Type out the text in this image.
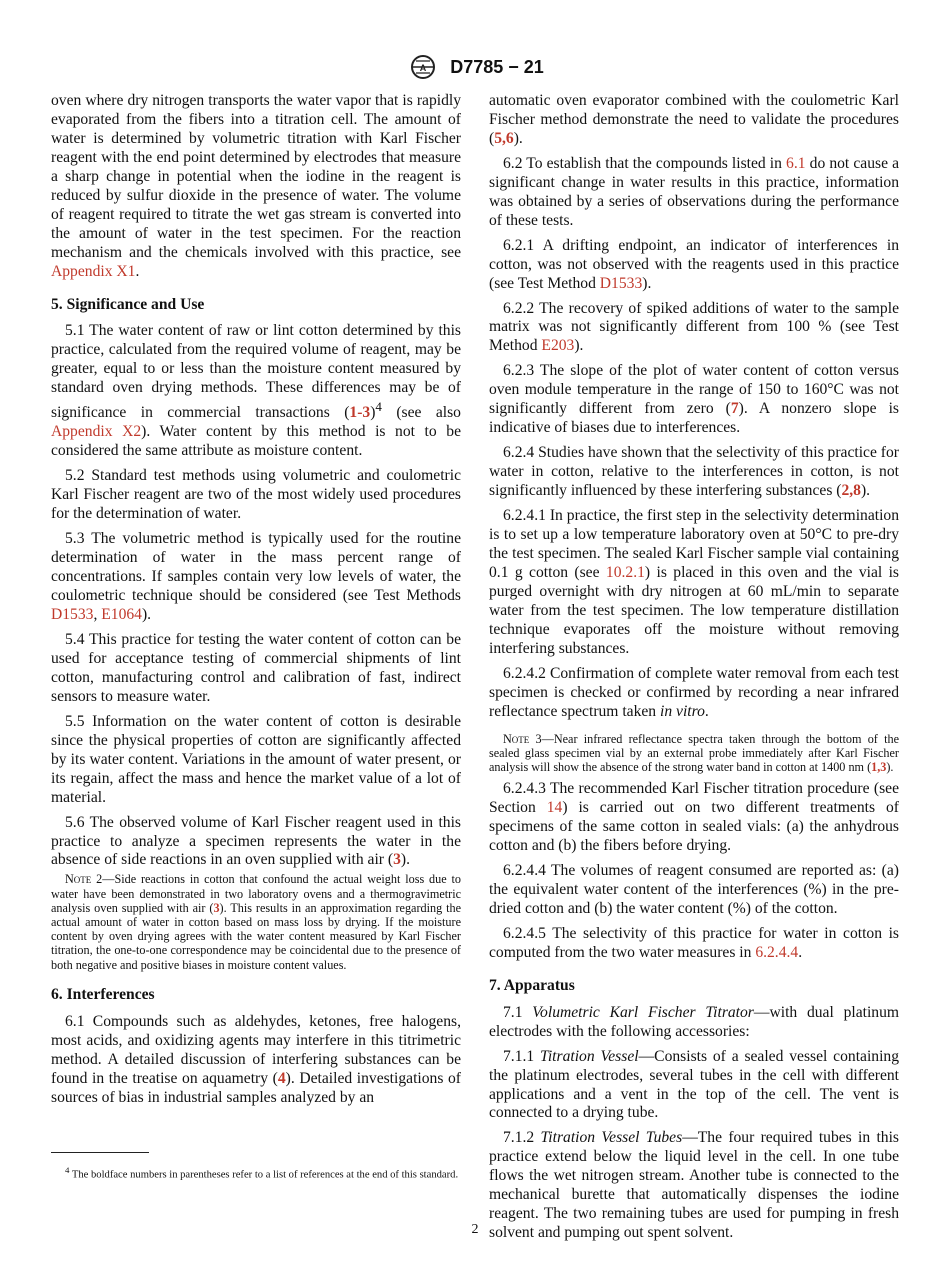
A D7785 − 21

oven where dry nitrogen transports the water vapor that is rapidly evaporated from the fibers into a titration cell. The amount of water is determined by volumetric titration with Karl Fischer reagent with the end point determined by electrodes that measure a sharp change in potential when the iodine in the reagent is reduced by sulfur dioxide in the presence of water. The volume of reagent required to titrate the wet gas stream is converted into the amount of water in the test specimen. For the reaction mechanism and the chemicals involved with this practice, see Appendix X1.

5. Significance and Use

5.1 The water content of raw or lint cotton determined by this practice, calculated from the required volume of reagent, may be greater, equal to or less than the moisture content measured by standard oven drying methods. These differences may be of significance in commercial transactions $(1-3)^4$ (see also Appendix X2). Water content by this method is not to be considered the same attribute as moisture content.

5.2 Standard test methods using volumetric and coulometric Karl Fischer reagent are two of the most widely used procedures for the determination of water.

5.3 The volumetric method is typically used for the routine determination of water in the mass percent range of concentrations. If samples contain very low levels of water, the coulometric technique should be considered (see Test Methods D1533, E1064).

5.4 This practice for testing the water content of cotton can be used for acceptance testing of commercial shipments of lint cotton, manufacturing control and calibration of fast, indirect sensors to measure water.

5.5 Information on the water content of cotton is desirable since the physical properties of cotton are significantly affected by its water content. Variations in the amount of water present, or its regain, affect the mass and hence the market value of a lot of material.

5.6 The observed volume of Karl Fischer reagent used in this practice to analyze a specimen represents the water in the absence of side reactions in an oven supplied with air (3).

Note 2—Side reactions in cotton that confound the actual weight loss due to water have been demonstrated in two laboratory ovens and a thermogravimetric analysis oven supplied with air (3). This results in an approximation regarding the actual amount of water in cotton based on mass loss by drying. If the moisture content by oven drying agrees with the water content measured by Karl Fischer titration, the one-to-one correspondence may be coincidental due to the presence of both negative and positive biases in moisture content values.
6. Interferences

6.1 Compounds such as aldehydes, ketones, free halogens, most acids, and oxidizing agents may interfere in this titrimetric method. A detailed discussion of interfering substances can be found in the treatise on aquametry (4). Detailed investigations of sources of bias in industrial samples analyzed by an

automatic oven evaporator combined with the coulometric Karl Fischer method demonstrate the need to validate the procedures (5,6).

6.2 To establish that the compounds listed in 6.1 do not cause a significant change in water results in this practice, information was obtained by a series of observations during the performance of these tests.

6.2.1 A drifting endpoint, an indicator of interferences in cotton, was not observed with the reagents used in this practice (see Test Method D1533).

6.2.2 The recovery of spiked additions of water to the sample matrix was not significantly different from 100 % (see Test Method E203).

6.2.3 The slope of the plot of water content of cotton versus oven module temperature in the range of 150 to 160°C was not significantly different from zero (7). A nonzero slope is indicative of biases due to interferences.

6.2.4 Studies have shown that the selectivity of this practice for water in cotton, relative to the interferences in cotton, is not significantly influenced by these interfering substances (2,8).

6.2.4.1 In practice, the first step in the selectivity determination is to set up a low temperature laboratory oven at 50°C to pre-dry the test specimen. The sealed Karl Fischer sample vial containing 0.1 g cotton (see 10.2.1) is placed in this oven and the vial is purged overnight with dry nitrogen at 60 mL/min to separate water from the test specimen. The low temperature distillation technique evaporates off the moisture without removing interfering substances.

6.2.4.2 Confirmation of complete water removal from each test specimen is checked or confirmed by recording a near infrared reflectance spectrum taken in vitro.

Note 3—Near infrared reflectance spectra taken through the bottom of the sealed glass specimen vial by an external probe immediately after Karl Fischer analysis will show the absence of the strong water band in cotton at 1400 nm (1,3).

6.2.4.3 The recommended Karl Fischer titration procedure (see Section 14) is carried out on two different treatments of specimens of the same cotton in sealed vials: (a) the anhydrous cotton and (b) the fibers before drying.

6.2.4.4 The volumes of reagent consumed are reported as: (a) the equivalent water content of the interferences (%) in the pre-dried cotton and (b) the water content (%) of the cotton.

6.2.4.5 The selectivity of this practice for water in cotton is computed from the two water measures in 6.2.4.4.

7. Apparatus

7.1 Volumetric Karl Fischer Titrator—with dual platinum electrodes with the following accessories:

7.1.1 Titration Vessel—Consists of a sealed vessel containing the platinum electrodes, several tubes in the cell with different applications and a vent in the top of the cell. The vent is connected to a drying tube.

7.1.2 Titration Vessel Tubes—The four required tubes in this practice extend below the liquid level in the cell. In one tube flows the wet nitrogen stream. Another tube is connected to the mechanical burette that automatically dispenses the iodine reagent. The two remaining tubes are used for pumping in fresh solvent and pumping out spent solvent.

$^4$ The boldface numbers in parentheses refer to a list of references at the end of this standard.
2
